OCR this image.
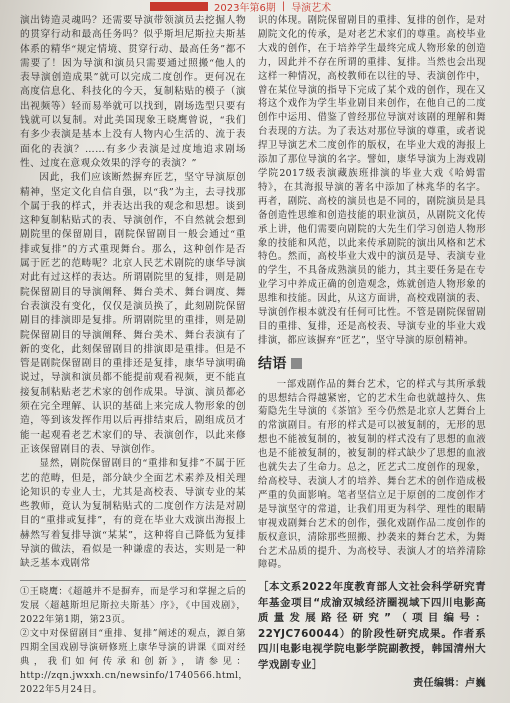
2023年第6期 | 导演艺术

演出铸造灵魂吗？还需要导演带领演员去挖掘人物的贯穿行动和最高任务吗？似乎斯坦尼斯拉夫斯基体系的精华“规定情境、贯穿行动、最高任务”都不需要了！因为导演和演员只需要通过照搬“他人的表导演创造成果”就可以完成二度创作。更何况在高度信息化、科技化的今天，复制粘贴的模子（演出视频等）轻而易举就可以找到，剧场选型只要有钱就可以复制。对此美国现象王晓鹰曾说，“我们有多少表演是基本上没有人物内心生活的、流于表面化的表演？……有多少表演是过度地追求剧场性、过度在意观众效果的浮夸的表演？”

因此，我们应该断然摒弃匠艺，坚守导演原创精神，坚定文化自信自强，以“我”为主，去寻找那个属于我的样式，并表达出我的观念和思想。谈到这种复制粘贴式的表、导演创作，不自然就会想到剧院里的保留剧目，剧院保留剧目一般会通过“重排或复排”的方式重现舞台。那么，这种创作是否属于匠艺的范畴呢？北京人民艺术剧院的康华导演对此有过这样的表达。所谓剧院里的复排，则是剧院保留剧目的导演阐释、舞台美术、舞台调度、舞台表演没有变化，仅仅是演员换了，此刻剧院保留剧目的排演即是复排。所谓剧院里的重排，则是剧院保留剧目的导演阐释、舞台美术、舞台表演有了新的变化，此刻保留剧目的排演即是重排。但是不管是剧院保留剧目的重排还是复排，康华导演明确说过，导演和演员都不能提前观看视频，更不能直接复制粘贴老艺术家的创作成果。导演、演员都必须在完全理解、认识的基础上来完成人物形象的创造，等到该发挥作用以后再排结束后，剧组成员才能一起观看老艺术家们的导、表演创作，以此来修正该保留剧目的表、导演创作。

显然，剧院保留剧目的“重排和复排”不属于匠艺的范畴，但是，部分缺少全面艺术素养及相关理论知识的专业人士，尤其是高校表、导演专业的某些教师，竟认为复制粘贴式的二度创作方法是对剧目的“重排或复排”，有的竟在毕业大戏演出海报上赫然写着复排导演“某某”，这种将自己降低为复排导演的做法，看似是一种谦虚的表达，实则是一种缺乏基本戏剧常

①王晓鹰：《超越并不是摒弃，而是学习和掌握之后的发展〈超越斯坦尼斯拉夫斯基〉序》，《中国戏剧》，2022年第1期，第23页。

②文中对保留剧目“重排、复排”阐述的观点，源自第四期全国戏剧导演研修班上康华导演的讲课《面对经典，我们如何传承和创新》，请参见：http://zqn.jwxxh.cn/newsinfo/1740566.html，2022年5月24日。

识的体现。剧院保留剧目的重排、复排的创作，是对剧院文化的传承，是对老艺术家们的尊重。高校毕业大戏的创作，在于培养学生最终完成人物形象的创造力，因此并不存在所谓的重排、复排。当然也会出现这样一种情况，高校教师在以往的导、表演创作中，曾在某位导演的指导下完成了某个戏的创作，现在又将这个戏作为学生毕业剧目来创作，在他自己的二度创作中运用、借鉴了曾经那位导演对该剧的理解和舞台表现的方法。为了表达对那位导演的尊重，或者说捍卫导演艺术二度创作的版权，在毕业大戏的海报上添加了那位导演的名字。譬如，康华导演为上海戏剧学院2017级表演藏族班排演的毕业大戏《哈姆雷特》，在其海报导演的著名中添加了林兆华的名字。再者，剧院、高校的演员也是不同的，剧院演员是具备创造性思维和创造技能的职业演员，从剧院文化传承上讲，他们需要向剧院的大先生们学习创造人物形象的技能和风范，以此来传承剧院的演出风格和艺术特色。然而，高校毕业大戏中的演员是导、表演专业的学生，不具备成熟演员的能力，其主要任务是在专业学习中养成正确的创造观念，炼就创造人物形象的思维和技能。因此，从这方面讲，高校戏剧演的表、导演创作根本就没有任何可比性。不管是剧院保留剧目的重排、复排，还是高校表、导演专业的毕业大戏排演，都应该摒弃“匠艺”，坚守导演的原创精神。

结语

一部戏剧作品的舞台艺术，它的样式与其所承载的思想结合得越紧密，它的艺术生命也就越持久、焦菊隐先生导演的《茶馆》至今仍然是北京人艺舞台上的常演剧目。有形的样式是可以被复制的，无形的思想也不能被复制的，被复制的样式没有了思想的血液也是不能被复制的，被复制的样式缺少了思想的血液也就失去了生命力。总之，匠艺式二度创作的现象，给高校导、表演人才的培养、舞台艺术的创作造成极严重的负面影响。笔者坚信立足于原创的二度创作才是导演坚守的常道，让我们用更为科学、理性的眼睛审视戏剧舞台艺术的创作，强化戏剧作品二度创作的版权意识，清除那些照搬、抄袭来的舞台艺术，为舞台艺术品质的提升、为高校导、表演人才的培养清除障碍。

［本文系2022年度教育部人文社会科学研究青年基金项目“成渝双城经济圈视域下四川电影高质量发展路径研究”（项目编号：22YJC760044）的阶段性研究成果。作者系四川电影电视学院电影学院副教授，韩国清州大学戏剧专业］

责任编辑：卢巍
